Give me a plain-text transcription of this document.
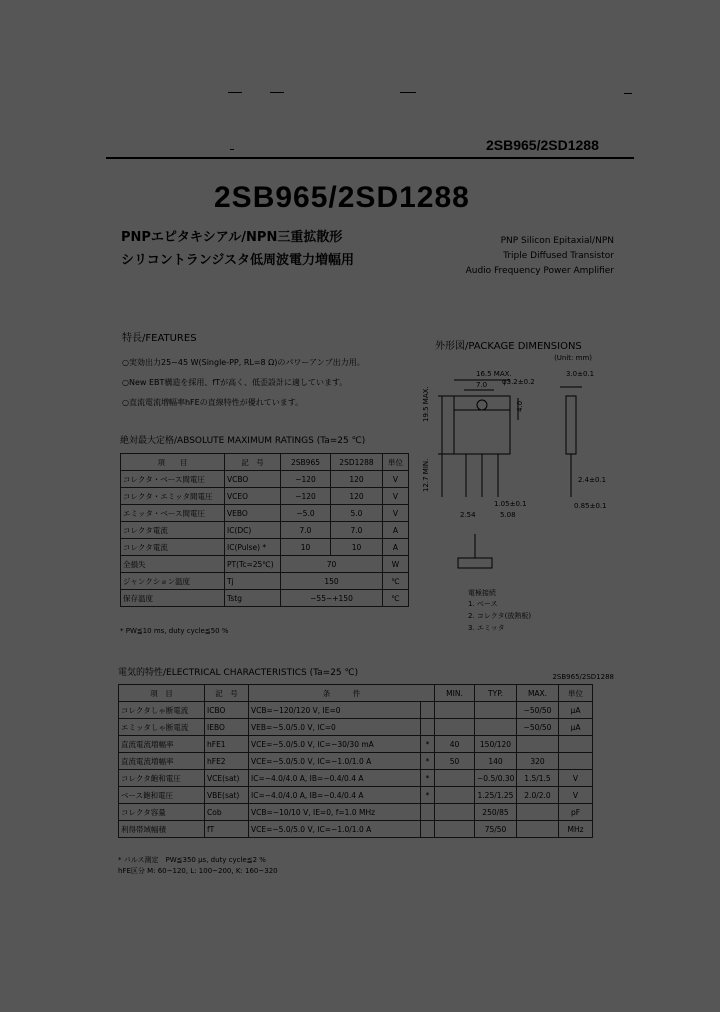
2SB965/2SD1288
2SB965/2SD1288
PNPエピタキシアル/NPN三重拡散形
シリコントランジスタ低周波電力増幅用
PNP Silicon Epitaxial/NPN
Triple Diffused Transistor
Audio Frequency Power Amplifier
特長/FEATURES
○実効出力25~45 W(Single-PP, RL=8 Ω)のパワーアンプ出力用。
○New EBT構造を採用、fTが高く、低歪設計に適しています。
○直流電流増幅率hFEの直線特性が優れています。
絶対最大定格/ABSOLUTE MAXIMUM RATINGS (Ta=25 ℃)
項　　目	記　号	2SB965	2SD1288	単位
コレクタ・ベース間電圧	VCBO	−120	120	V
コレクタ・エミッタ間電圧	VCEO	−120	120	V
エミッタ・ベース間電圧	VEBO	−5.0	5.0	V
コレクタ電流	IC(DC)	7.0	7.0	A
コレクタ電流	IC(Pulse) *	10	10	A
全損失	PT(Tc=25℃)	70		W
ジャンクション温度	Tj	150		℃
保存温度	Tstg	−55~+150		℃
* PW≦10 ms, duty cycle≦50 %
外形図/PACKAGE DIMENSIONS
(Unit: mm)
16.5 MAX.
7.0 φ3.2±0.2
3.0±0.1
19.5 MAX.
12.7 MIN.
1.05±0.1
2.54	5.08
2.4±0.1
0.85±0.1
4.0
電極接続
1. ベース
2. コレクタ(放熱板)
3. エミッタ
電気的特性/ELECTRICAL CHARACTERISTICS (Ta=25 ℃)	2SB965/2SD1288
項　目	記　号	条　　　件		MIN.	TYP.	MAX.	単位
コレクタしゃ断電流	ICBO	VCB=−120/120 V, IE=0				−50/50	μA
エミッタしゃ断電流	IEBO	VEB=−5.0/5.0 V, IC=0				−50/50	μA
直流電流増幅率	hFE1	VCE=−5.0/5.0 V, IC=−30/30 mA	*	40	150/120		
直流電流増幅率	hFE2	VCE=−5.0/5.0 V, IC=−1.0/1.0 A	*	50	140	320	
コレクタ飽和電圧	VCE(sat)	IC=−4.0/4.0 A, IB=−0.4/0.4 A	*		−0.5/0.30	1.5/1.5	V
ベース飽和電圧	VBE(sat)	IC=−4.0/4.0 A, IB=−0.4/0.4 A	*		1.25/1.25	2.0/2.0	V
コレクタ容量	Cob	VCB=−10/10 V, IE=0, f=1.0 MHz			250/85		pF
利得帯域幅積	fT	VCE=−5.0/5.0 V, IC=−1.0/1.0 A			75/50		MHz
* パルス測定　PW≦350 μs, duty cycle≦2 %
hFE区分 M: 60~120, L: 100~200, K: 160~320
